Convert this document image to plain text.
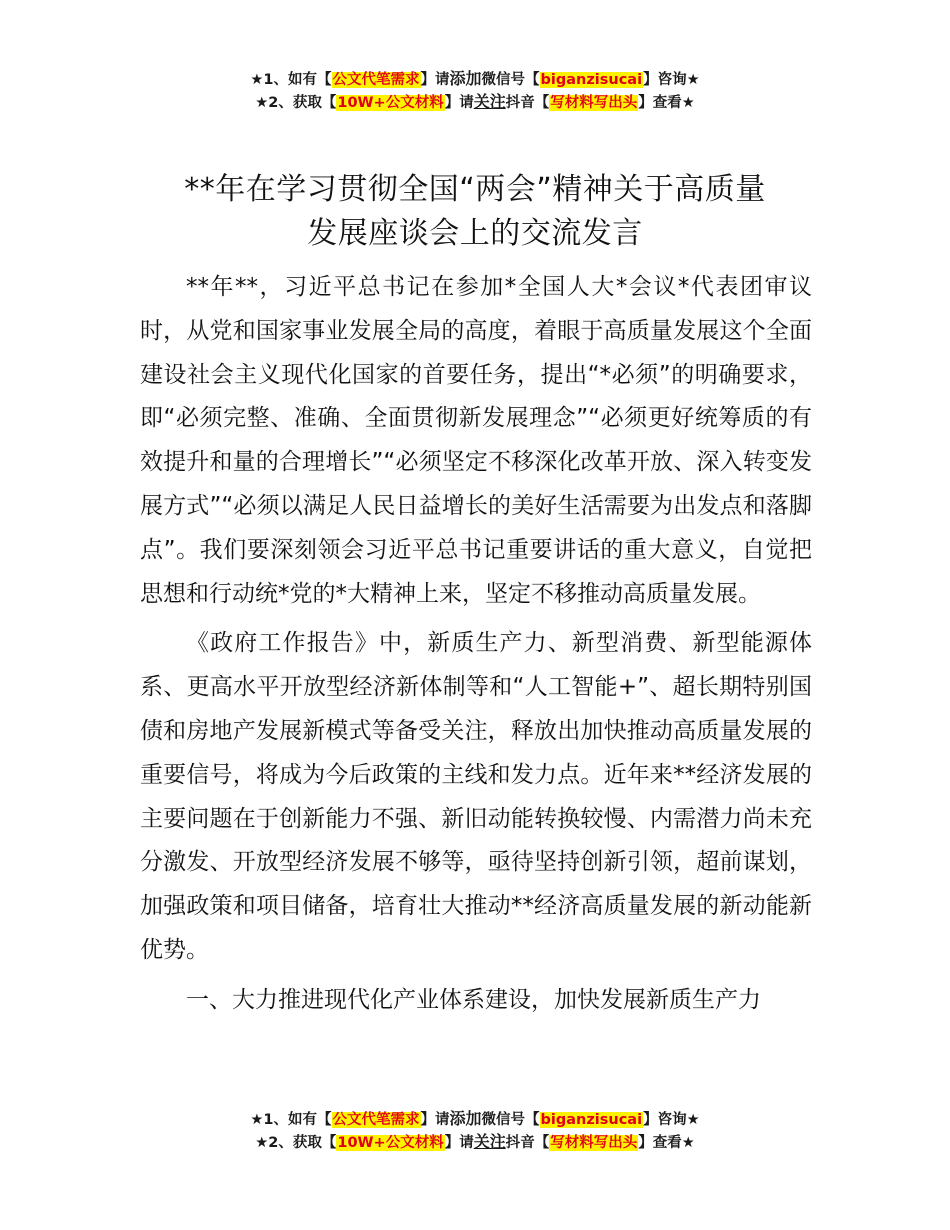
★1、如有【公文代笔需求】请添加微信号【biganzisucai】咨询★
★2、获取【10W+公文材料】请关注抖音【写材料写出头】查看★
**年在学习贯彻全国“两会”精神关于高质量
发展座谈会上的交流发言

**年**，习近平总书记在参加*全国人大*会议*代表团审议时，从党和国家事业发展全局的高度，着眼于高质量发展这个全面建设社会主义现代化国家的首要任务，提出“*必须”的明确要求，即“必须完整、准确、全面贯彻新发展理念”“必须更好统筹质的有效提升和量的合理增长”“必须坚定不移深化改革开放、深入转变发展方式”“必须以满足人民日益增长的美好生活需要为出发点和落脚点”。我们要深刻领会习近平总书记重要讲话的重大意义，自觉把思想和行动统*党的*大精神上来，坚定不移推动高质量发展。

《政府工作报告》中，新质生产力、新型消费、新型能源体系、更高水平开放型经济新体制等和“人工智能+”、超长期特别国债和房地产发展新模式等备受关注，释放出加快推动高质量发展的重要信号，将成为今后政策的主线和发力点。近年来**经济发展的主要问题在于创新能力不强、新旧动能转换较慢、内需潜力尚未充分激发、开放型经济发展不够等，亟待坚持创新引领，超前谋划，加强政策和项目储备，培育壮大推动**经济高质量发展的新动能新优势。

一、大力推进现代化产业体系建设，加快发展新质生产力

★1、如有【公文代笔需求】请添加微信号【biganzisucai】咨询★
★2、获取【10W+公文材料】请关注抖音【写材料写出头】查看★
